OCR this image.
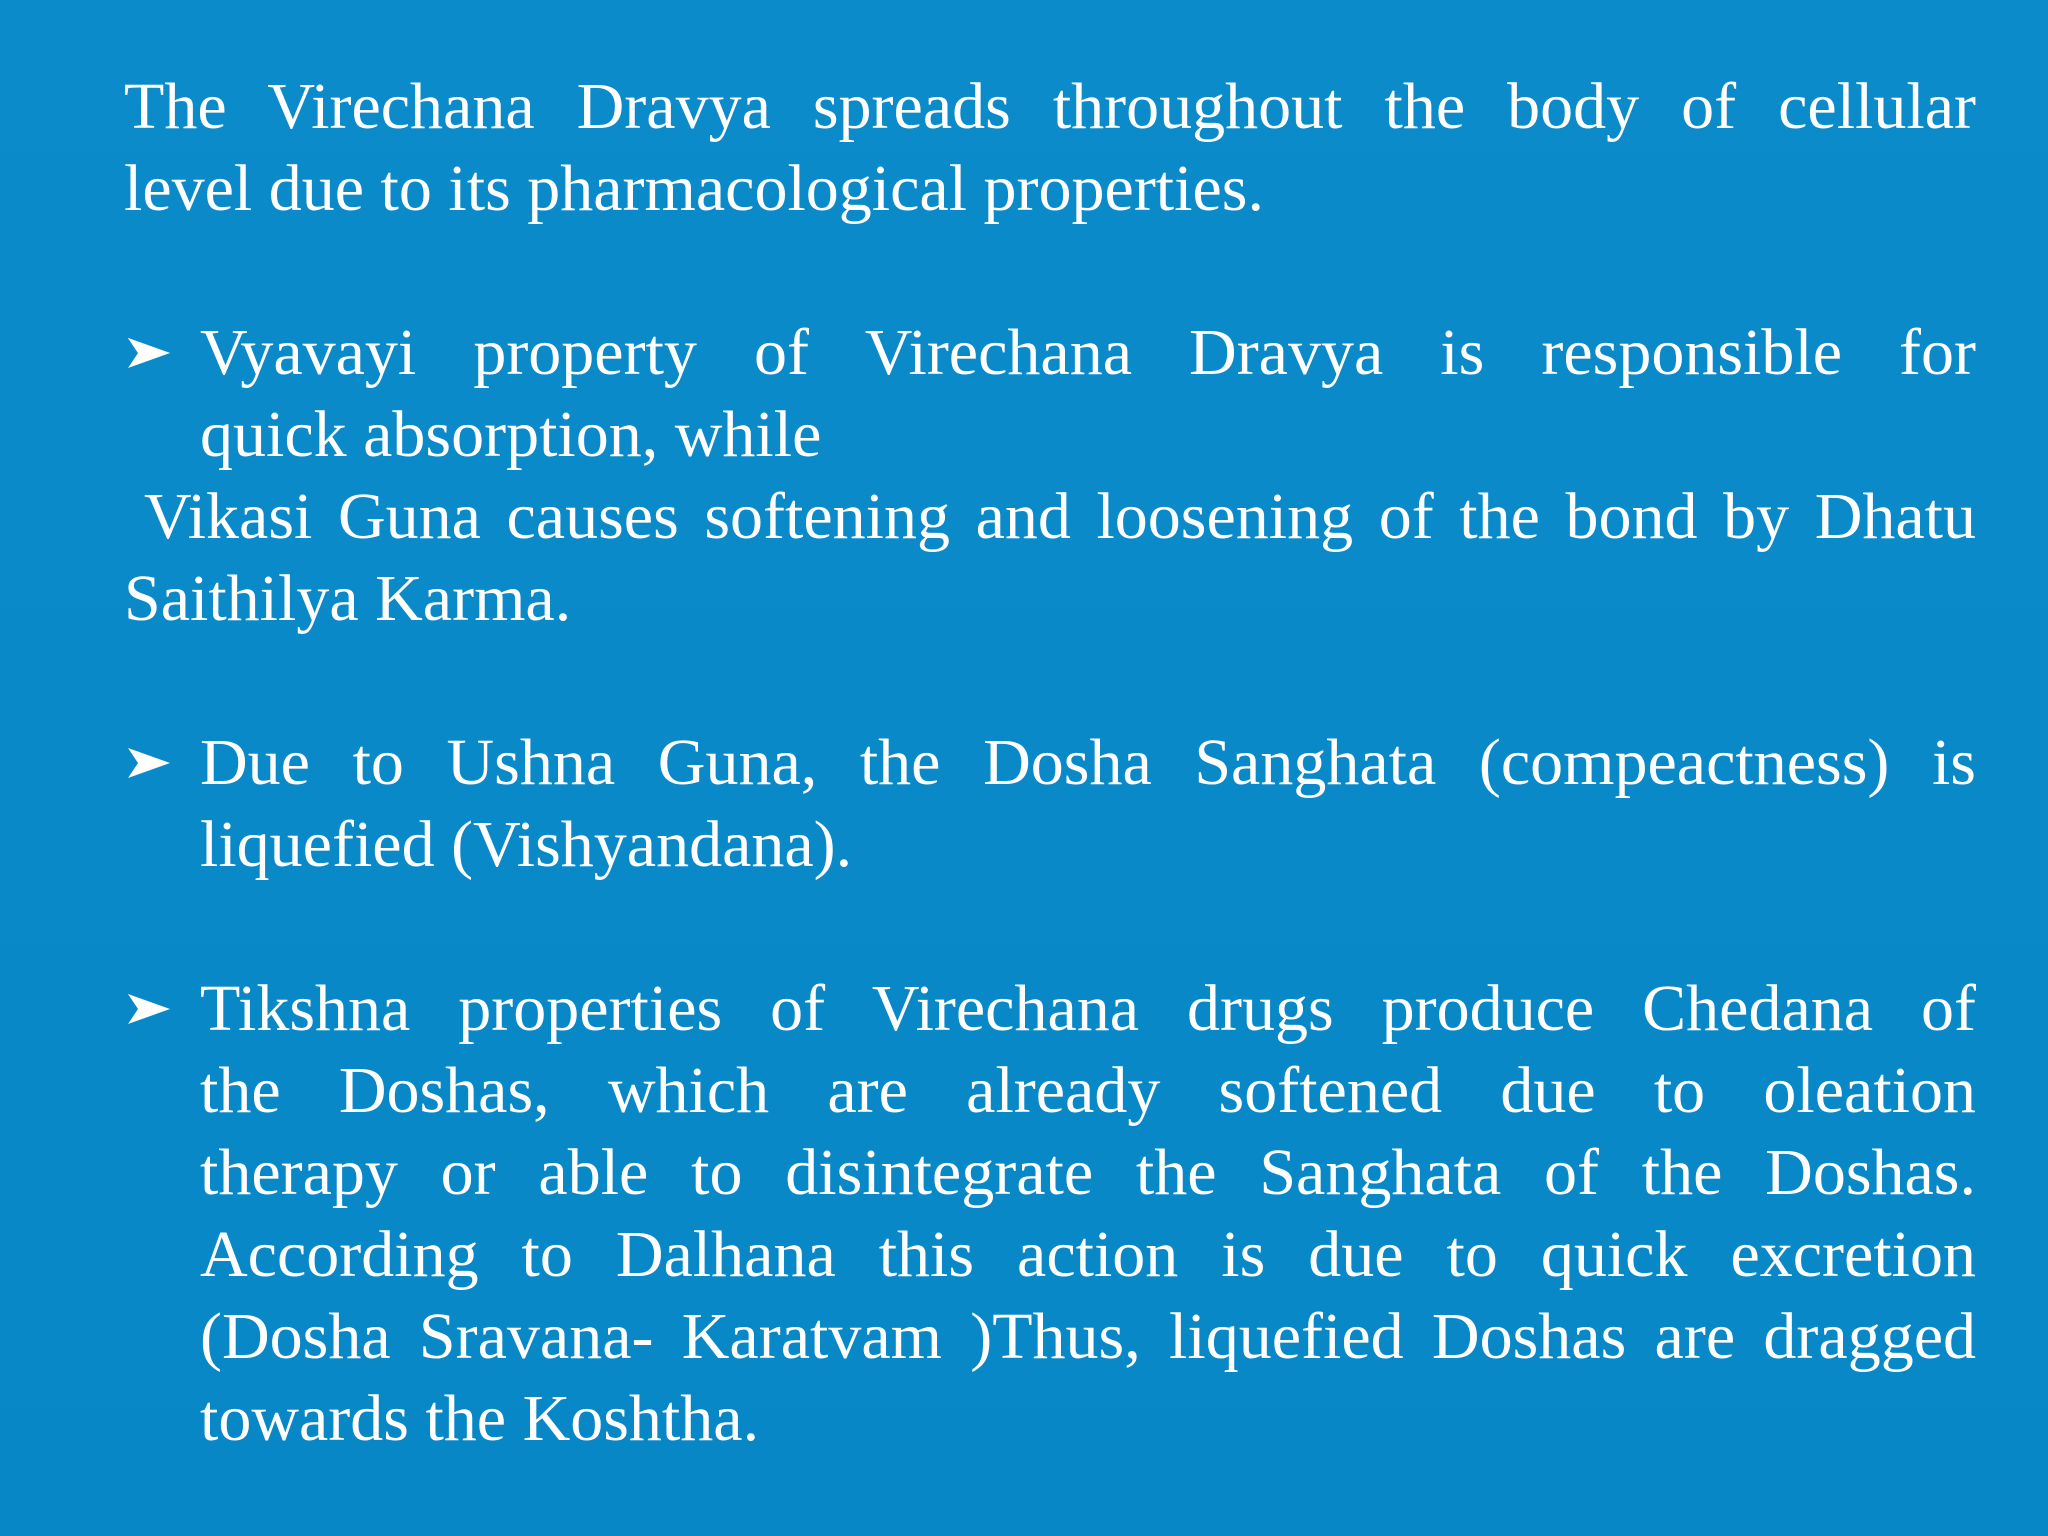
The Virechana Dravya spreads throughout the body of cellular
level due to its pharmacological properties.
Vyavayi property of Virechana Dravya is responsible for
quick absorption, while
Vikasi Guna causes softening and loosening of the bond by Dhatu
Saithilya Karma.
Due to Ushna Guna, the Dosha Sanghata (compeactness) is
liquefied (Vishyandana).
Tikshna properties of Virechana drugs produce Chedana of
the Doshas, which are already softened due to oleation
therapy or able to disintegrate the Sanghata of the Doshas.
According to Dalhana this action is due to quick excretion
(Dosha Sravana- Karatvam )Thus, liquefied Doshas are dragged
towards the Koshtha.
